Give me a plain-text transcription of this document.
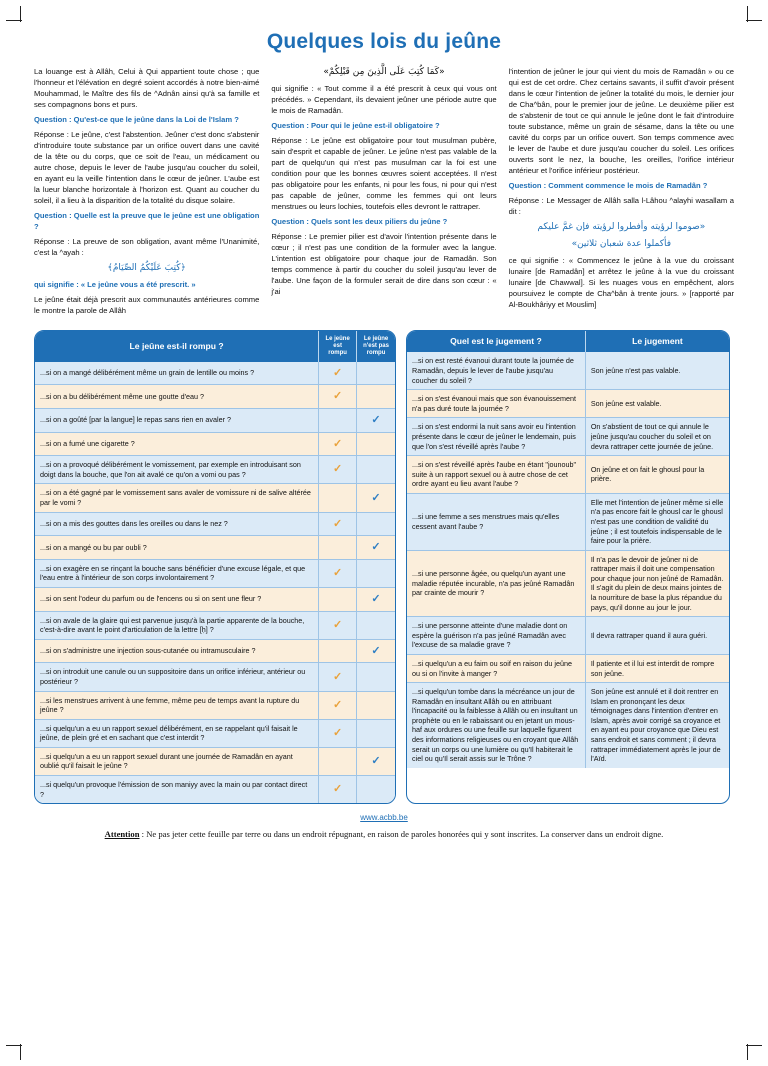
Quelques lois du jeûne

La louange est à Allâh, Celui à Qui appartient toute chose ; que l'honneur et l'élévation en degré soient accordés à notre bien-aimé Mouhammad, le Maître des fils de ^Adnân ainsi qu'à sa famille et ses compagnons bons et purs.

Question : Qu'est-ce que le jeûne dans la Loi de l'Islam ?

Réponse : Le jeûne, c'est l'abstention. Jeûner c'est donc s'abstenir d'introduire toute substance par un orifice ouvert dans une cavité de la tête ou du corps, que ce soit de l'eau, un médicament ou autre chose, depuis le lever de l'aube jusqu'au coucher du soleil, en ayant eu la veille l'intention dans le cœur de jeûner. L'aube est la lueur blanche horizontale à l'horizon est. Quant au coucher du soleil, il a lieu à la disparition de la totalité du disque solaire.

Question : Quelle est la preuve que le jeûne est une obligation ?

Réponse : La preuve de son obligation, avant même l'Unanimité, c'est la ^ayah :

﴿كُتِبَ عَلَيْكُمُ الصِّيَامُ﴾

qui signifie : « Le jeûne vous a été prescrit. »

Le jeûne était déjà prescrit aux communautés antérieures comme le montre la parole de Allâh

«كَمَا كُتِبَ عَلَى الَّذِينَ مِن قَبْلِكُمْ»

qui signifie : « Tout comme il a été prescrit à ceux qui vous ont précédés. » Cependant, ils devaient jeûner une période autre que le mois de Ramadân.

Question : Pour qui le jeûne est-il obligatoire ?

Réponse : Le jeûne est obligatoire pour tout musulman pubère, sain d'esprit et capable de jeûner. Le jeûne n'est pas valable de la part de quelqu'un qui n'est pas musulman car la foi est une condition pour que les bonnes œuvres soient acceptées. Il n'est pas obligatoire pour les enfants, ni pour les fous, ni pour qui n'est pas capable de jeûner, comme les femmes qui ont leurs menstrues ou leurs lochies, toutefois elles devront le rattraper.

Question : Quels sont les deux piliers du jeûne ?

Réponse : Le premier pilier est d'avoir l'intention présente dans le cœur ; il n'est pas une condition de la formuler avec la langue. L'intention est obligatoire pour chaque jour de Ramadân. Son temps commence à partir du coucher du soleil jusqu'au lever de l'aube. Une façon de la formuler serait de dire dans son cœur : « j'ai

l'intention de jeûner le jour qui vient du mois de Ramadân » ou ce qui est de cet ordre. Chez certains savants, il suffit d'avoir présent dans le cœur l'intention de jeûner la totalité du mois, le dernier jour de Cha^bân, pour le premier jour de jeûne. Le deuxième pilier est de s'abstenir de tout ce qui annule le jeûne dont le fait d'introduire toute substance, même un grain de sésame, dans la tête ou une cavité du corps par un orifice ouvert. Son temps commence avec le lever de l'aube et dure jusqu'au coucher du soleil. Les orifices ouverts sont le nez, la bouche, les oreilles, l'orifice intérieur antérieur et l'orifice inférieur postérieur.

Question : Comment commence le mois de Ramadân ?

Réponse : Le Messager de Allâh salla l-Lâhou ^alayhi wasallam a dit :

«صوموا لرؤيته وأفطروا لرؤيته فإن غمَّ عليكم

فأكملوا عدة شعبان ثلاثين»

ce qui signifie : « Commencez le jeûne à la vue du croissant lunaire [de Ramadân] et arrêtez le jeûne à la vue du croissant lunaire [de Chawwal]. Si les nuages vous en empêchent, alors poursuivez le compte de Cha^bân à trente jours. » [rapporté par Al-Boukhâriyy et Mouslim]

Le jeûne est-il rompu ?	Le jeûne est rompu	Le jeûne n'est pas rompu
...si on a mangé délibérément même un grain de lentille ou moins ?	✓	
...si on a bu délibérément même une goutte d'eau ?	✓	
...si on a goûté [par la langue] le repas sans rien en avaler ?		✓
...si on a fumé une cigarette ?	✓	
...si on a provoqué délibérément le vomissement, par exemple en introduisant son doigt dans la bouche, que l'on ait avalé ce qu'on a vomi ou pas ?	✓	
...si on a été gagné par le vomissement sans avaler de vomissure ni de salive altérée par le vomi ?		✓
...si on a mis des gouttes dans les oreilles ou dans le nez ?	✓	
...si on a mangé ou bu par oubli ?		✓
...si on exagère en se rinçant la bouche sans bénéficier d'une excuse légale, et que l'eau entre à l'intérieur de son corps involontairement ?	✓	
...si on sent l'odeur du parfum ou de l'encens ou si on sent une fleur ?		✓
...si on avale de la glaire qui est parvenue jusqu'à la partie apparente de la bouche, c'est-à-dire avant le point d'articulation de la lettre [ḥ] ?	✓	
...si on s'administre une injection sous-cutanée ou intramusculaire ?		✓
...si on introduit une canule ou un suppositoire dans un orifice inférieur, antérieur ou postérieur ?	✓	
...si les menstrues arrivent à une femme, même peu de temps avant la rupture du jeûne ?	✓	
...si quelqu'un a eu un rapport sexuel délibérément, en se rappelant qu'il faisait le jeûne, de plein gré et en sachant que c'est interdit ?	✓	
...si quelqu'un a eu un rapport sexuel durant une journée de Ramadân en ayant oublié qu'il faisait le jeûne ?		✓
...si quelqu'un provoque l'émission de son maniyy avec la main ou par contact direct ?	✓	
Quel est le jugement ?	Le jugement
...si on est resté évanoui durant toute la journée de Ramadân, depuis le lever de l'aube jusqu'au coucher du soleil ?	Son jeûne n'est pas valable.
...si on s'est évanoui mais que son évanouissement n'a pas duré toute la journée ?	Son jeûne est valable.
...si on s'est endormi la nuit sans avoir eu l'intention présente dans le cœur de jeûner le lendemain, puis que l'on s'est réveillé après l'aube ?	On s'abstient de tout ce qui annule le jeûne jusqu'au coucher du soleil et on devra rattraper cette journée de jeûne.
...si on s'est réveillé après l'aube en étant "jounoub" suite à un rapport sexuel ou à autre chose de cet ordre ayant eu lieu avant l'aube ?	On jeûne et on fait le ghousl pour la prière.
...si une femme a ses menstrues mais qu'elles cessent avant l'aube ?	Elle met l'intention de jeûner même si elle n'a pas encore fait le ghousl car le ghousl n'est pas une condition de validité du jeûne ; il est toutefois indispensable de le faire pour la prière.
...si une personne âgée, ou quelqu'un ayant une maladie réputée incurable, n'a pas jeûné Ramadân par crainte de mourir ?	Il n'a pas le devoir de jeûner ni de rattraper mais il doit une compensation pour chaque jour non jeûné de Ramadân. Il s'agit du plein de deux mains jointes de la nourriture de base la plus répandue du pays, qu'il donne au jour le jour.
...si une personne atteinte d'une maladie dont on espère la guérison n'a pas jeûné Ramadân avec l'excuse de sa maladie grave ?	Il devra rattraper quand il aura guéri.
...si quelqu'un a eu faim ou soif en raison du jeûne ou si on l'invite à manger ?	Il patiente et il lui est interdit de rompre son jeûne.
...si quelqu'un tombe dans la mécréance un jour de Ramadân en insultant Allâh ou en attribuant l'incapacité ou la faiblesse à Allâh ou en insultant un prophète ou en le rabaissant ou en jetant un mous-haf aux ordures ou une feuille sur laquelle figurent des informations religieuses ou en croyant que Allâh serait un corps ou une lumière ou qu'Il habiterait le ciel ou qu'Il serait assis sur le Trône ?	Son jeûne est annulé et il doit rentrer en Islam en prononçant les deux témoignages dans l'intention d'entrer en Islam, après avoir corrigé sa croyance et en ayant eu pour croyance que Dieu est sans endroit et sans comment ; il devra rattraper immédiatement après le jour de l'Aïd.
www.acbb.be
Attention : Ne pas jeter cette feuille par terre ou dans un endroit répugnant, en raison de paroles honorées qui y sont inscrites. La conserver dans un endroit digne.
